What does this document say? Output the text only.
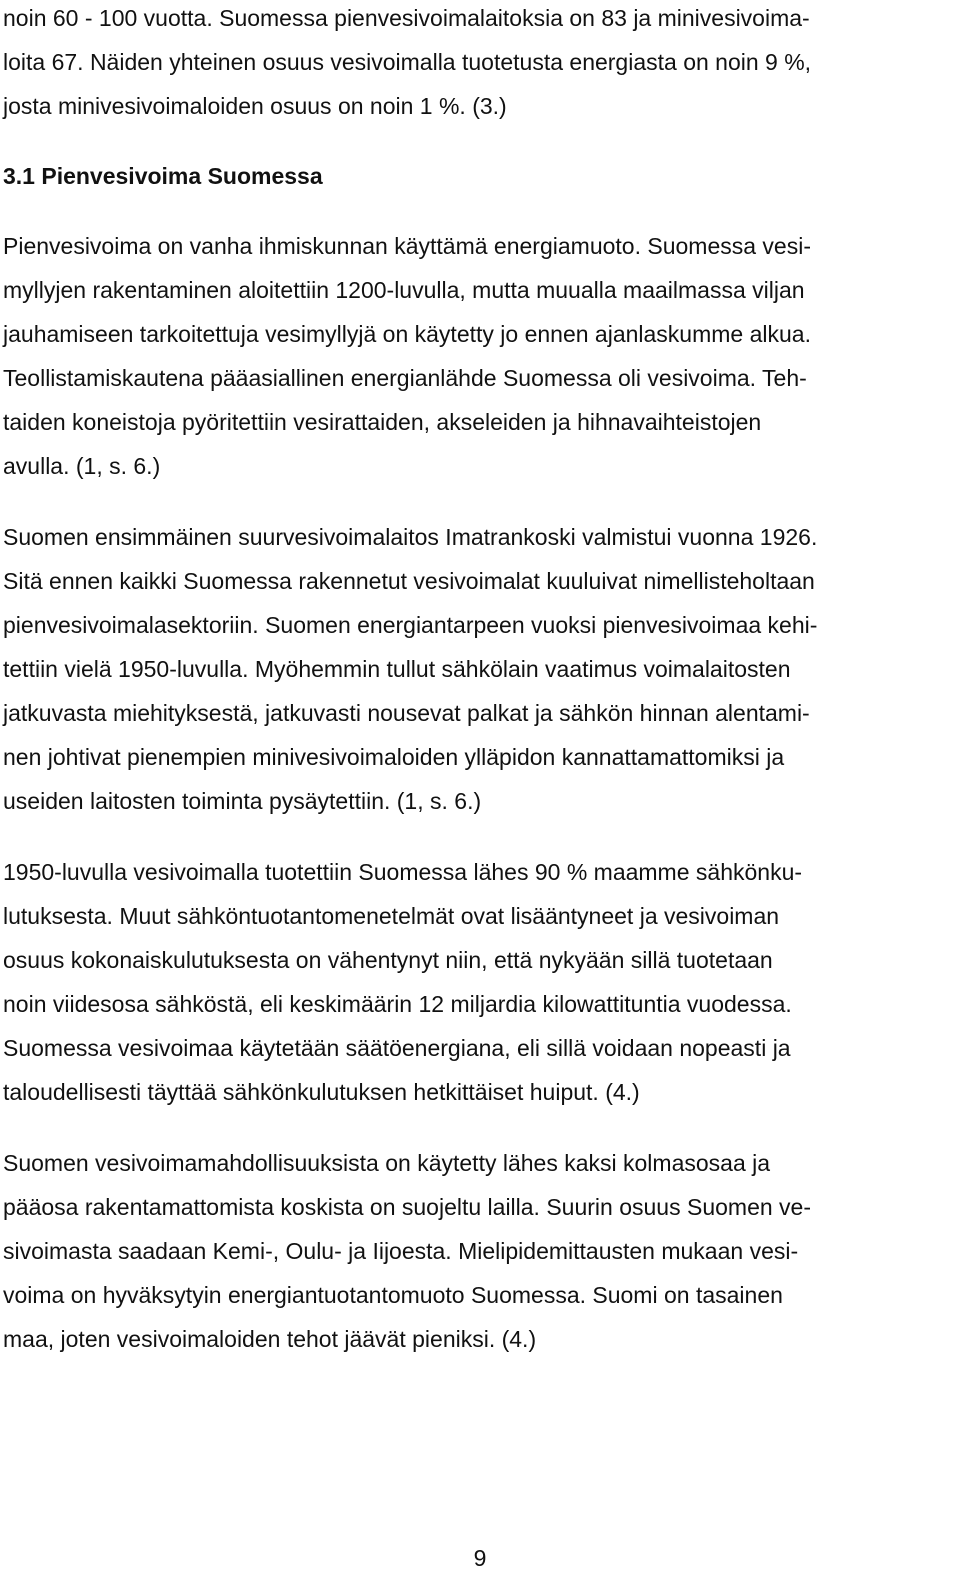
noin 60 - 100 vuotta. Suomessa pienvesivoimalaitoksia on 83 ja minivesivoima-
loita 67. Näiden yhteinen osuus vesivoimalla tuotetusta energiasta on noin 9 %,
josta minivesivoimaloiden osuus on noin 1 %. (3.)
3.1 Pienvesivoima Suomessa
Pienvesivoima on vanha ihmiskunnan käyttämä energiamuoto. Suomessa vesi-
myllyjen rakentaminen aloitettiin 1200-luvulla, mutta muualla maailmassa viljan
jauhamiseen tarkoitettuja vesimyllyjä on käytetty jo ennen ajanlaskumme alkua.
Teollistamiskautena pääasiallinen energianlähde Suomessa oli vesivoima. Teh-
taiden koneistoja pyöritettiin vesirattaiden, akseleiden ja hihnavaihteistojen
avulla. (1, s. 6.)
Suomen ensimmäinen suurvesivoimalaitos Imatrankoski valmistui vuonna 1926.
Sitä ennen kaikki Suomessa rakennetut vesivoimalat kuuluivat nimellisteholtaan
pienvesivoimalasektoriin. Suomen energiantarpeen vuoksi pienvesivoimaa kehi-
tettiin vielä 1950-luvulla. Myöhemmin tullut sähkölain vaatimus voimalaitosten
jatkuvasta miehityksestä, jatkuvasti nousevat palkat ja sähkön hinnan alentami-
nen johtivat pienempien minivesivoimaloiden ylläpidon kannattamattomiksi ja
useiden laitosten toiminta pysäytettiin. (1, s. 6.)
1950-luvulla vesivoimalla tuotettiin Suomessa lähes 90 % maamme sähkönku-
lutuksesta. Muut sähköntuotantomenetelmät ovat lisääntyneet ja vesivoiman
osuus kokonaiskulutuksesta on vähentynyt niin, että nykyään sillä tuotetaan
noin viidesosa sähköstä, eli keskimäärin 12 miljardia kilowattituntia vuodessa.
Suomessa vesivoimaa käytetään säätöenergiana, eli sillä voidaan nopeasti ja
taloudellisesti täyttää sähkönkulutuksen hetkittäiset huiput. (4.)
Suomen vesivoimamahdollisuuksista on käytetty lähes kaksi kolmasosaa ja
pääosa rakentamattomista koskista on suojeltu lailla. Suurin osuus Suomen ve-
sivoimasta saadaan Kemi-, Oulu- ja Iijoesta. Mielipidemittausten mukaan vesi-
voima on hyväksytyin energiantuotantomuoto Suomessa. Suomi on tasainen
maa, joten vesivoimaloiden tehot jäävät pieniksi. (4.)
9
